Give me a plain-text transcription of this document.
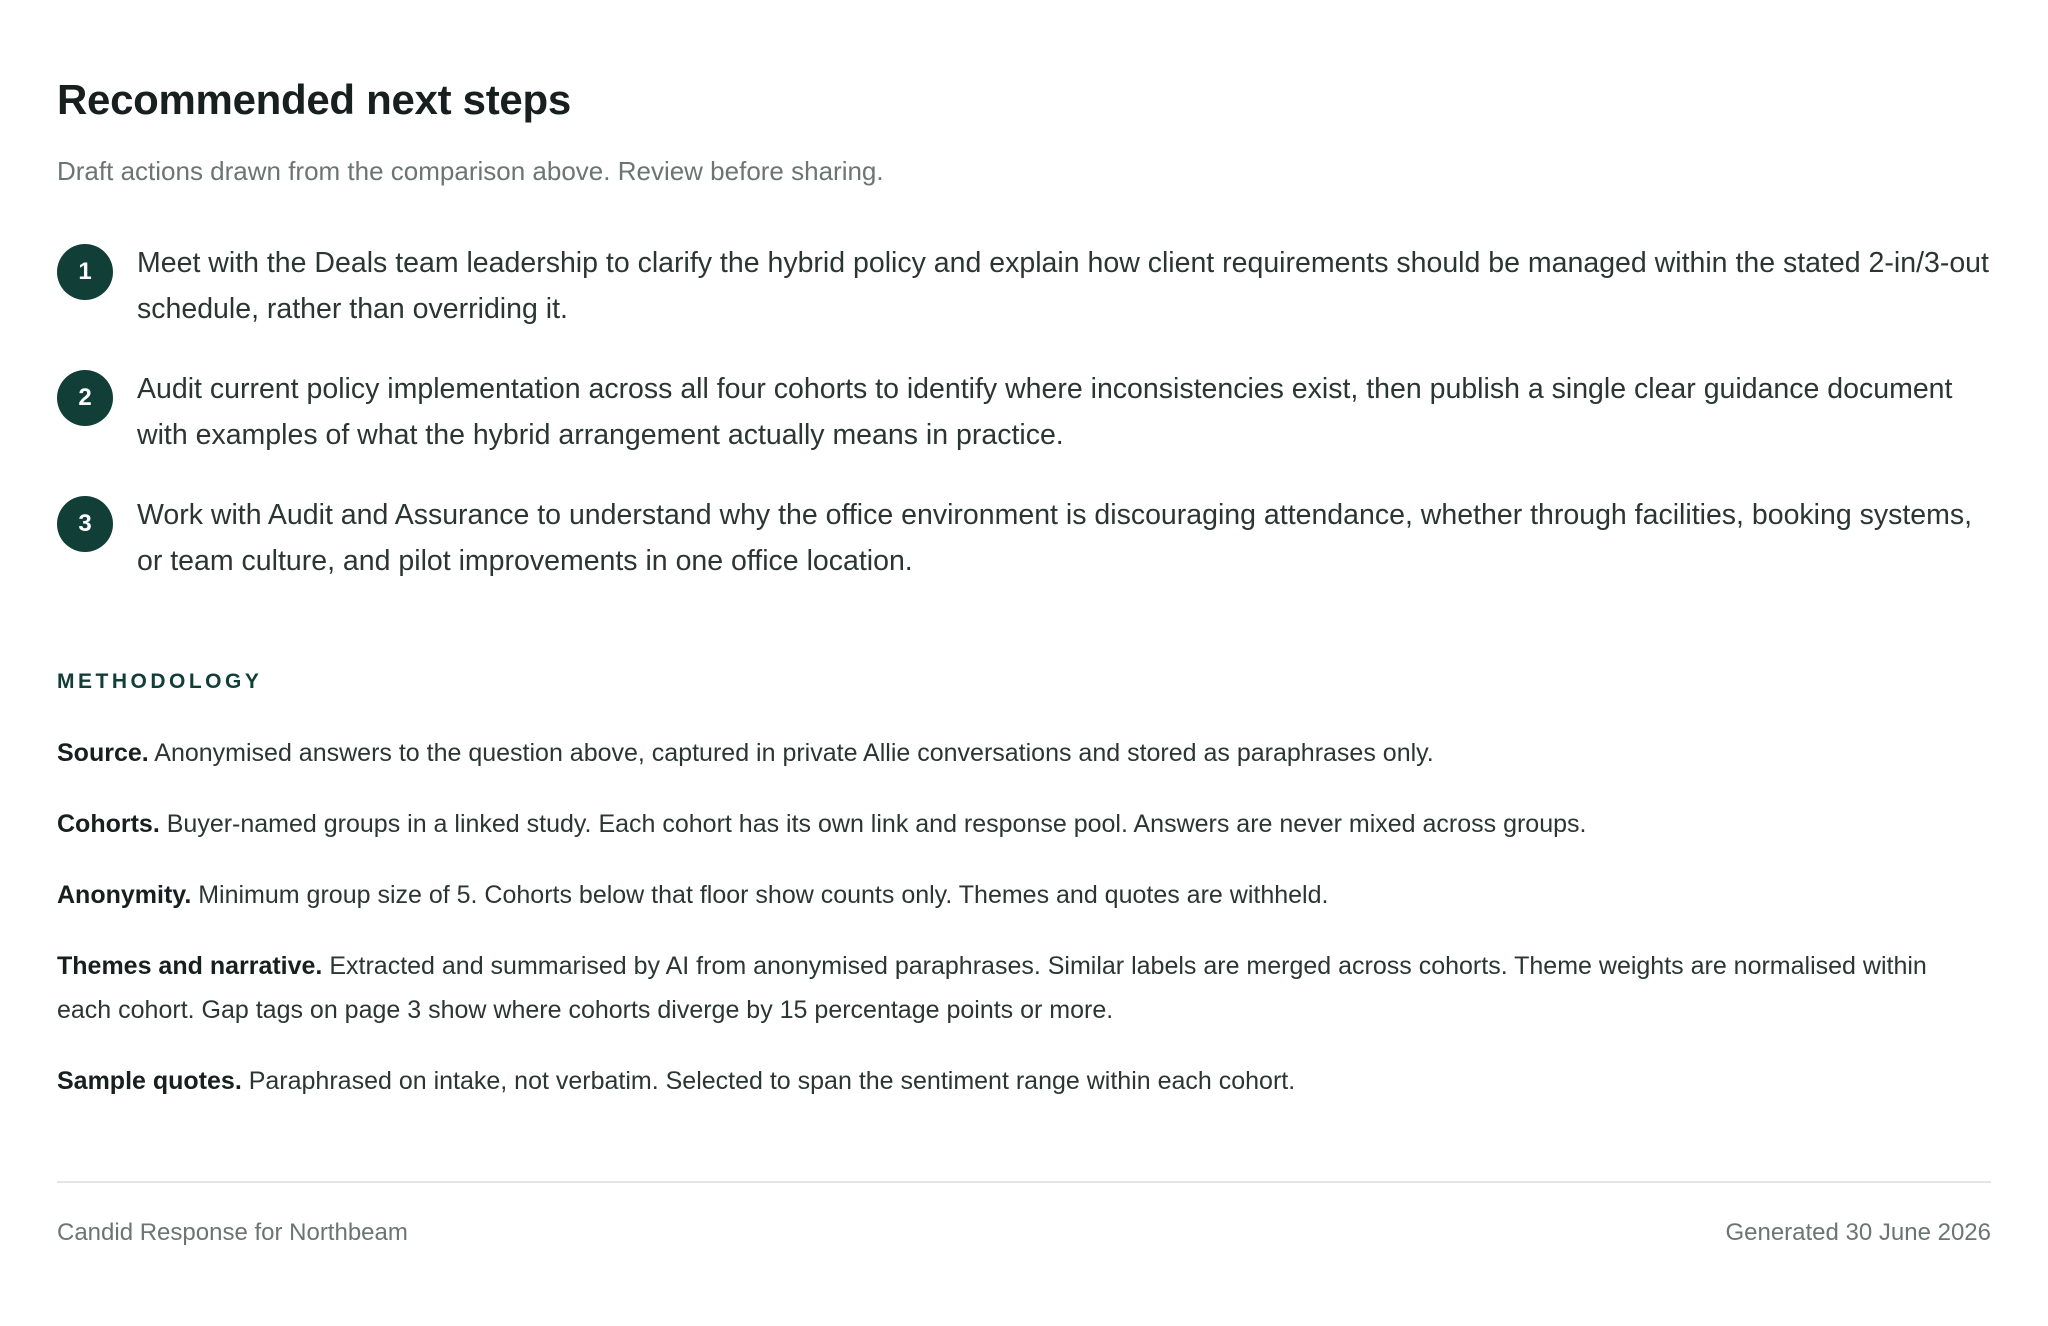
Recommended next steps

Draft actions drawn from the comparison above. Review before sharing.

1	Meet with the Deals team leadership to clarify the hybrid policy and explain how client requirements should be managed within the stated 2-in/3-out schedule, rather than overriding it.
2	Audit current policy implementation across all four cohorts to identify where inconsistencies exist, then publish a single clear guidance document with examples of what the hybrid arrangement actually means in practice.
3	Work with Audit and Assurance to understand why the office environment is discouraging attendance, whether through facilities, booking systems, or team culture, and pilot improvements in one office location.
METHODOLOGY

Source. Anonymised answers to the question above, captured in private Allie conversations and stored as paraphrases only.

Cohorts. Buyer-named groups in a linked study. Each cohort has its own link and response pool. Answers are never mixed across groups.

Anonymity. Minimum group size of 5. Cohorts below that floor show counts only. Themes and quotes are withheld.

Themes and narrative. Extracted and summarised by AI from anonymised paraphrases. Similar labels are merged across cohorts. Theme weights are normalised within each cohort. Gap tags on page 3 show where cohorts diverge by 15 percentage points or more.

Sample quotes. Paraphrased on intake, not verbatim. Selected to span the sentiment range within each cohort.

Candid Response for Northbeam	Generated 30 June 2026
